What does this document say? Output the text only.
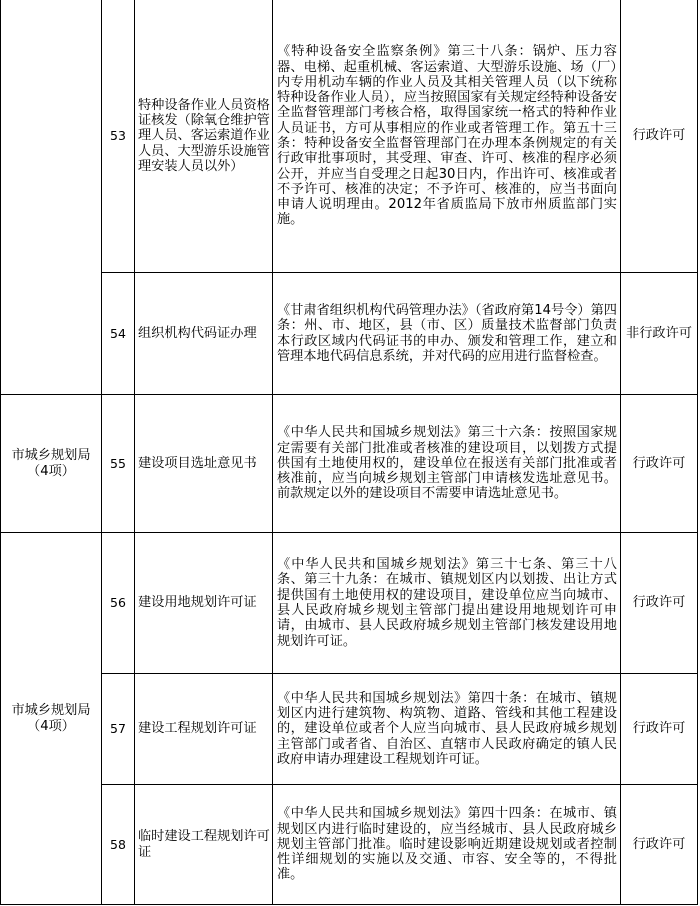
	53	特种设备作业人员资格证核发（除氧仓维护管理人员、客运索道作业人员、大型游乐设施管理安装人员以外）	《特种设备安全监察条例》第三十八条：锅炉、压力容器、电梯、起重机械、客运索道、大型游乐设施、场（厂）内专用机动车辆的作业人员及其相关管理人员（以下统称特种设备作业人员），应当按照国家有关规定经特种设备安全监督管理部门考核合格，取得国家统一格式的特种作业人员证书，方可从事相应的作业或者管理工作。第五十三条：特种设备安全监督管理部门在办理本条例规定的有关行政审批事项时，其受理、审查、许可、核准的程序必须公开，并应当自受理之日起30日内，作出许可、核准或者不予许可、核准的决定；不予许可、核准的，应当书面向申请人说明理由。2012年省质监局下放市州质监部门实施。	行政许可
	54	组织机构代码证办理	《甘肃省组织机构代码管理办法》（省政府第14号令）第四条：州、市、地区，县（市、区）质量技术监督部门负责本行政区域内代码证书的申办、颁发和管理工作，建立和管理本地代码信息系统，并对代码的应用进行监督检查。	非行政许可
市城乡规划局（4项）	55	建设项目选址意见书	《中华人民共和国城乡规划法》第三十六条：按照国家规定需要有关部门批准或者核准的建设项目，以划拨方式提供国有土地使用权的，建设单位在报送有关部门批准或者核准前，应当向城乡规划主管部门申请核发选址意见书。前款规定以外的建设项目不需要申请选址意见书。	行政许可
市城乡规划局（4项）	56	建设用地规划许可证	《中华人民共和国城乡规划法》第三十七条、第三十八条、第三十九条：在城市、镇规划区内以划拨、出让方式提供国有土地使用权的建设项目，建设单位应当向城市、县人民政府城乡规划主管部门提出建设用地规划许可申请，由城市、县人民政府城乡规划主管部门核发建设用地规划许可证。	行政许可
	57	建设工程规划许可证	《中华人民共和国城乡规划法》第四十条：在城市、镇规划区内进行建筑物、构筑物、道路、管线和其他工程建设的，建设单位或者个人应当向城市、县人民政府城乡规划主管部门或者省、自治区、直辖市人民政府确定的镇人民政府申请办理建设工程规划许可证。	行政许可
	58	临时建设工程规划许可证	《中华人民共和国城乡规划法》第四十四条：在城市、镇规划区内进行临时建设的，应当经城市、县人民政府城乡规划主管部门批准。临时建设影响近期建设规划或者控制性详细规划的实施以及交通、市容、安全等的，不得批准。	行政许可
